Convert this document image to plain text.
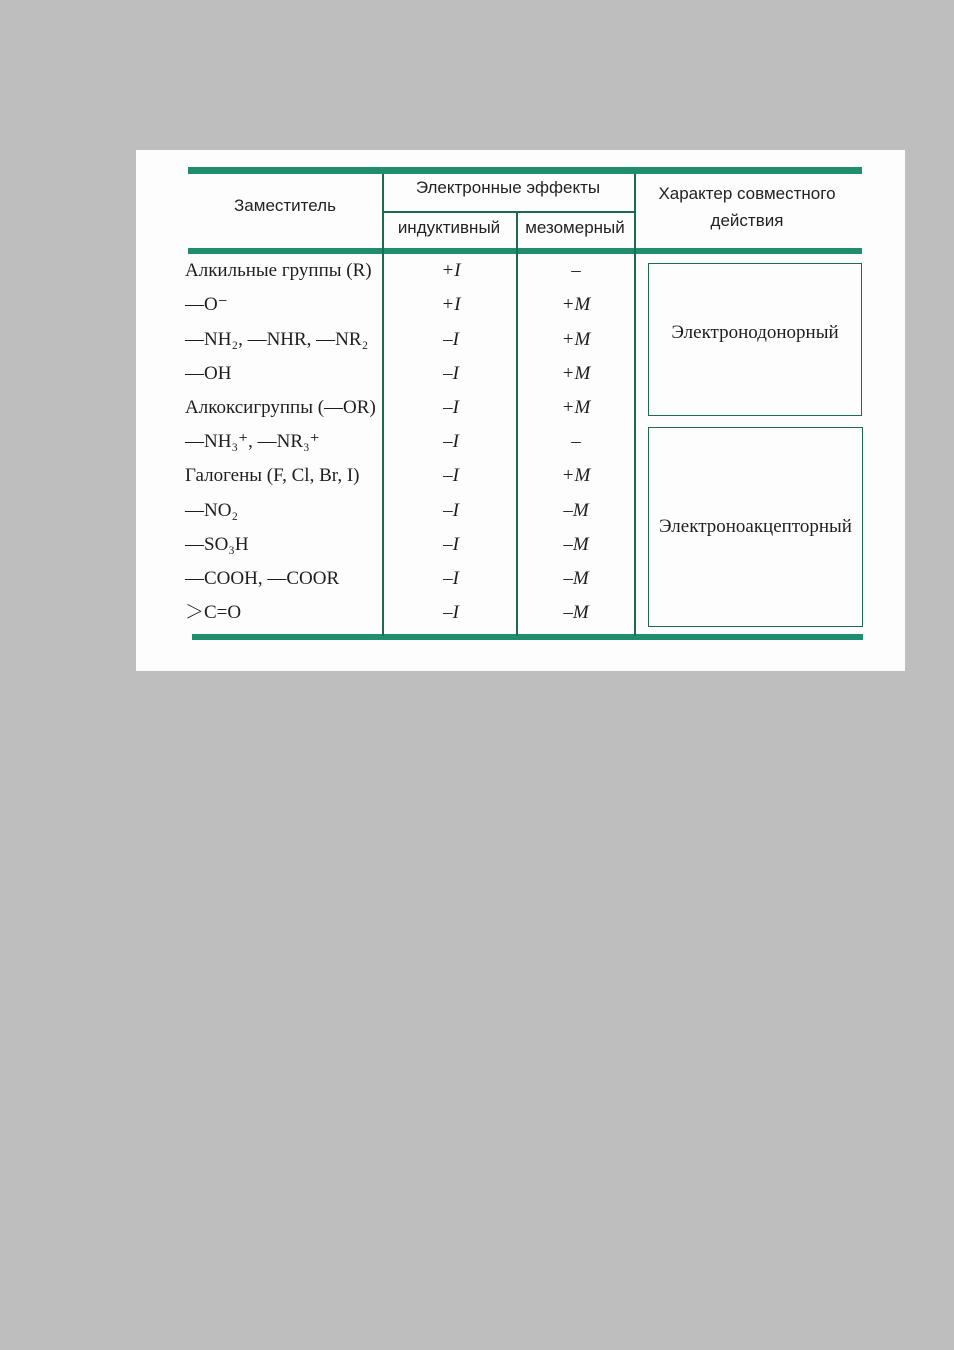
Заместитель
Электронные эффекты
индуктивный	мезомерный
Характер совместного действия
Алкильные группы (R)
—O⁻
—NH₂, —NHR, —NR₂
—OH
Алкоксигруппы (—OR)
—NH₃⁺, —NR₃⁺
Галогены (F, Cl, Br, I)
—NO₂
—SO₃H
—COOH, —COOR
＞C=O
+I
+I
–I
–I
–I
–I
–I
–I
–I
–I
–I
–
+M
+M
+M
+M
–
+M
–M
–M
–M
–M
Электронодонорный
Электроноакцепторный
